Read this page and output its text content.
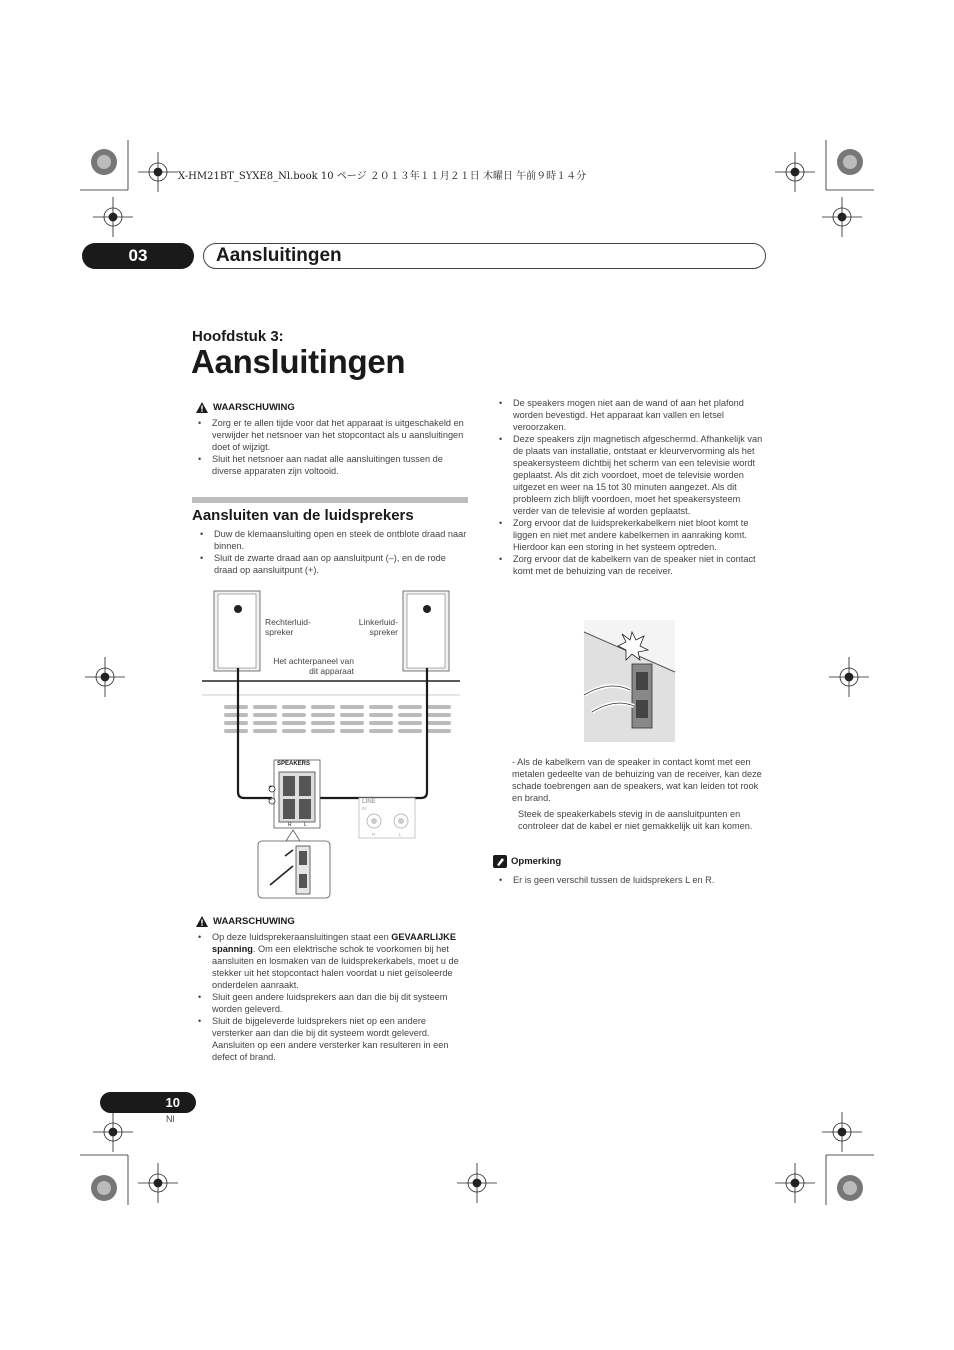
X-HM21BT_SYXE8_Nl.book 10 ページ ２０１３年１１月２１日 木曜日 午前９時１４分
03	Aansluitingen
Hoofdstuk 3:
Aansluitingen
WAARSCHUWING
• Zorg er te allen tijde voor dat het apparaat is uitgeschakeld en verwijder het netsnoer van het stopcontact als u aansluitingen doet of wijzigt.
• Sluit het netsnoer aan nadat alle aansluitingen tussen de diverse apparaten zijn voltooid.
Aansluiten van de luidsprekers
• Duw de klemaansluiting open en steek de ontblote draad naar binnen.
• Sluit de zwarte draad aan op aansluitpunt (–), en de rode draad op aansluitpunt (+).
Rechterluid-
spreker
Linkerluid-
spreker
Het achterpaneel van
dit apparaat
SPEAKERS
+
–
R L
LINE
IN
R	L
WAARSCHUWING
• Op deze luidsprekeraansluitingen staat een GEVAARLIJKE spanning. Om een elektrische schok te voorkomen bij het aansluiten en losmaken van de luidsprekerkabels, moet u de stekker uit het stopcontact halen voordat u niet geïsoleerde onderdelen aanraakt.
• Sluit geen andere luidsprekers aan dan die bij dit systeem worden geleverd.
• Sluit de bijgeleverde luidsprekers niet op een andere versterker aan dan die bij dit systeem wordt geleverd. Aansluiten op een andere versterker kan resulteren in een defect of brand.
• De speakers mogen niet aan de wand of aan het plafond worden bevestigd. Het apparaat kan vallen en letsel veroorzaken.
• Deze speakers zijn magnetisch afgeschermd. Afhankelijk van de plaats van installatie, ontstaat er kleurvervorming als het speakersysteem dichtbij het scherm van een televisie wordt geplaatst. Als dit zich voordoet, moet de televisie worden uitgezet en weer na 15 tot 30 minuten aangezet. Als dit probleem zich blijft voordoen, moet het speakersysteem verder van de televisie af worden geplaatst.
• Zorg ervoor dat de luidsprekerkabelkern niet bloot komt te liggen en niet met andere kabelkernen in aanraking komt. Hierdoor kan een storing in het systeem optreden.
• Zorg ervoor dat de kabelkern van de speaker niet in contact komt met de behuizing van de receiver.
- Als de kabelkern van de speaker in contact komt met een metalen gedeelte van de behuizing van de receiver, kan deze schade toebrengen aan de speakers, wat kan leiden tot rook en brand.
Steek de speakerkabels stevig in de aansluitpunten en controleer dat de kabel er niet gemakkelijk uit kan komen.
Opmerking
• Er is geen verschil tussen de luidsprekers L en R.
10
Nl
